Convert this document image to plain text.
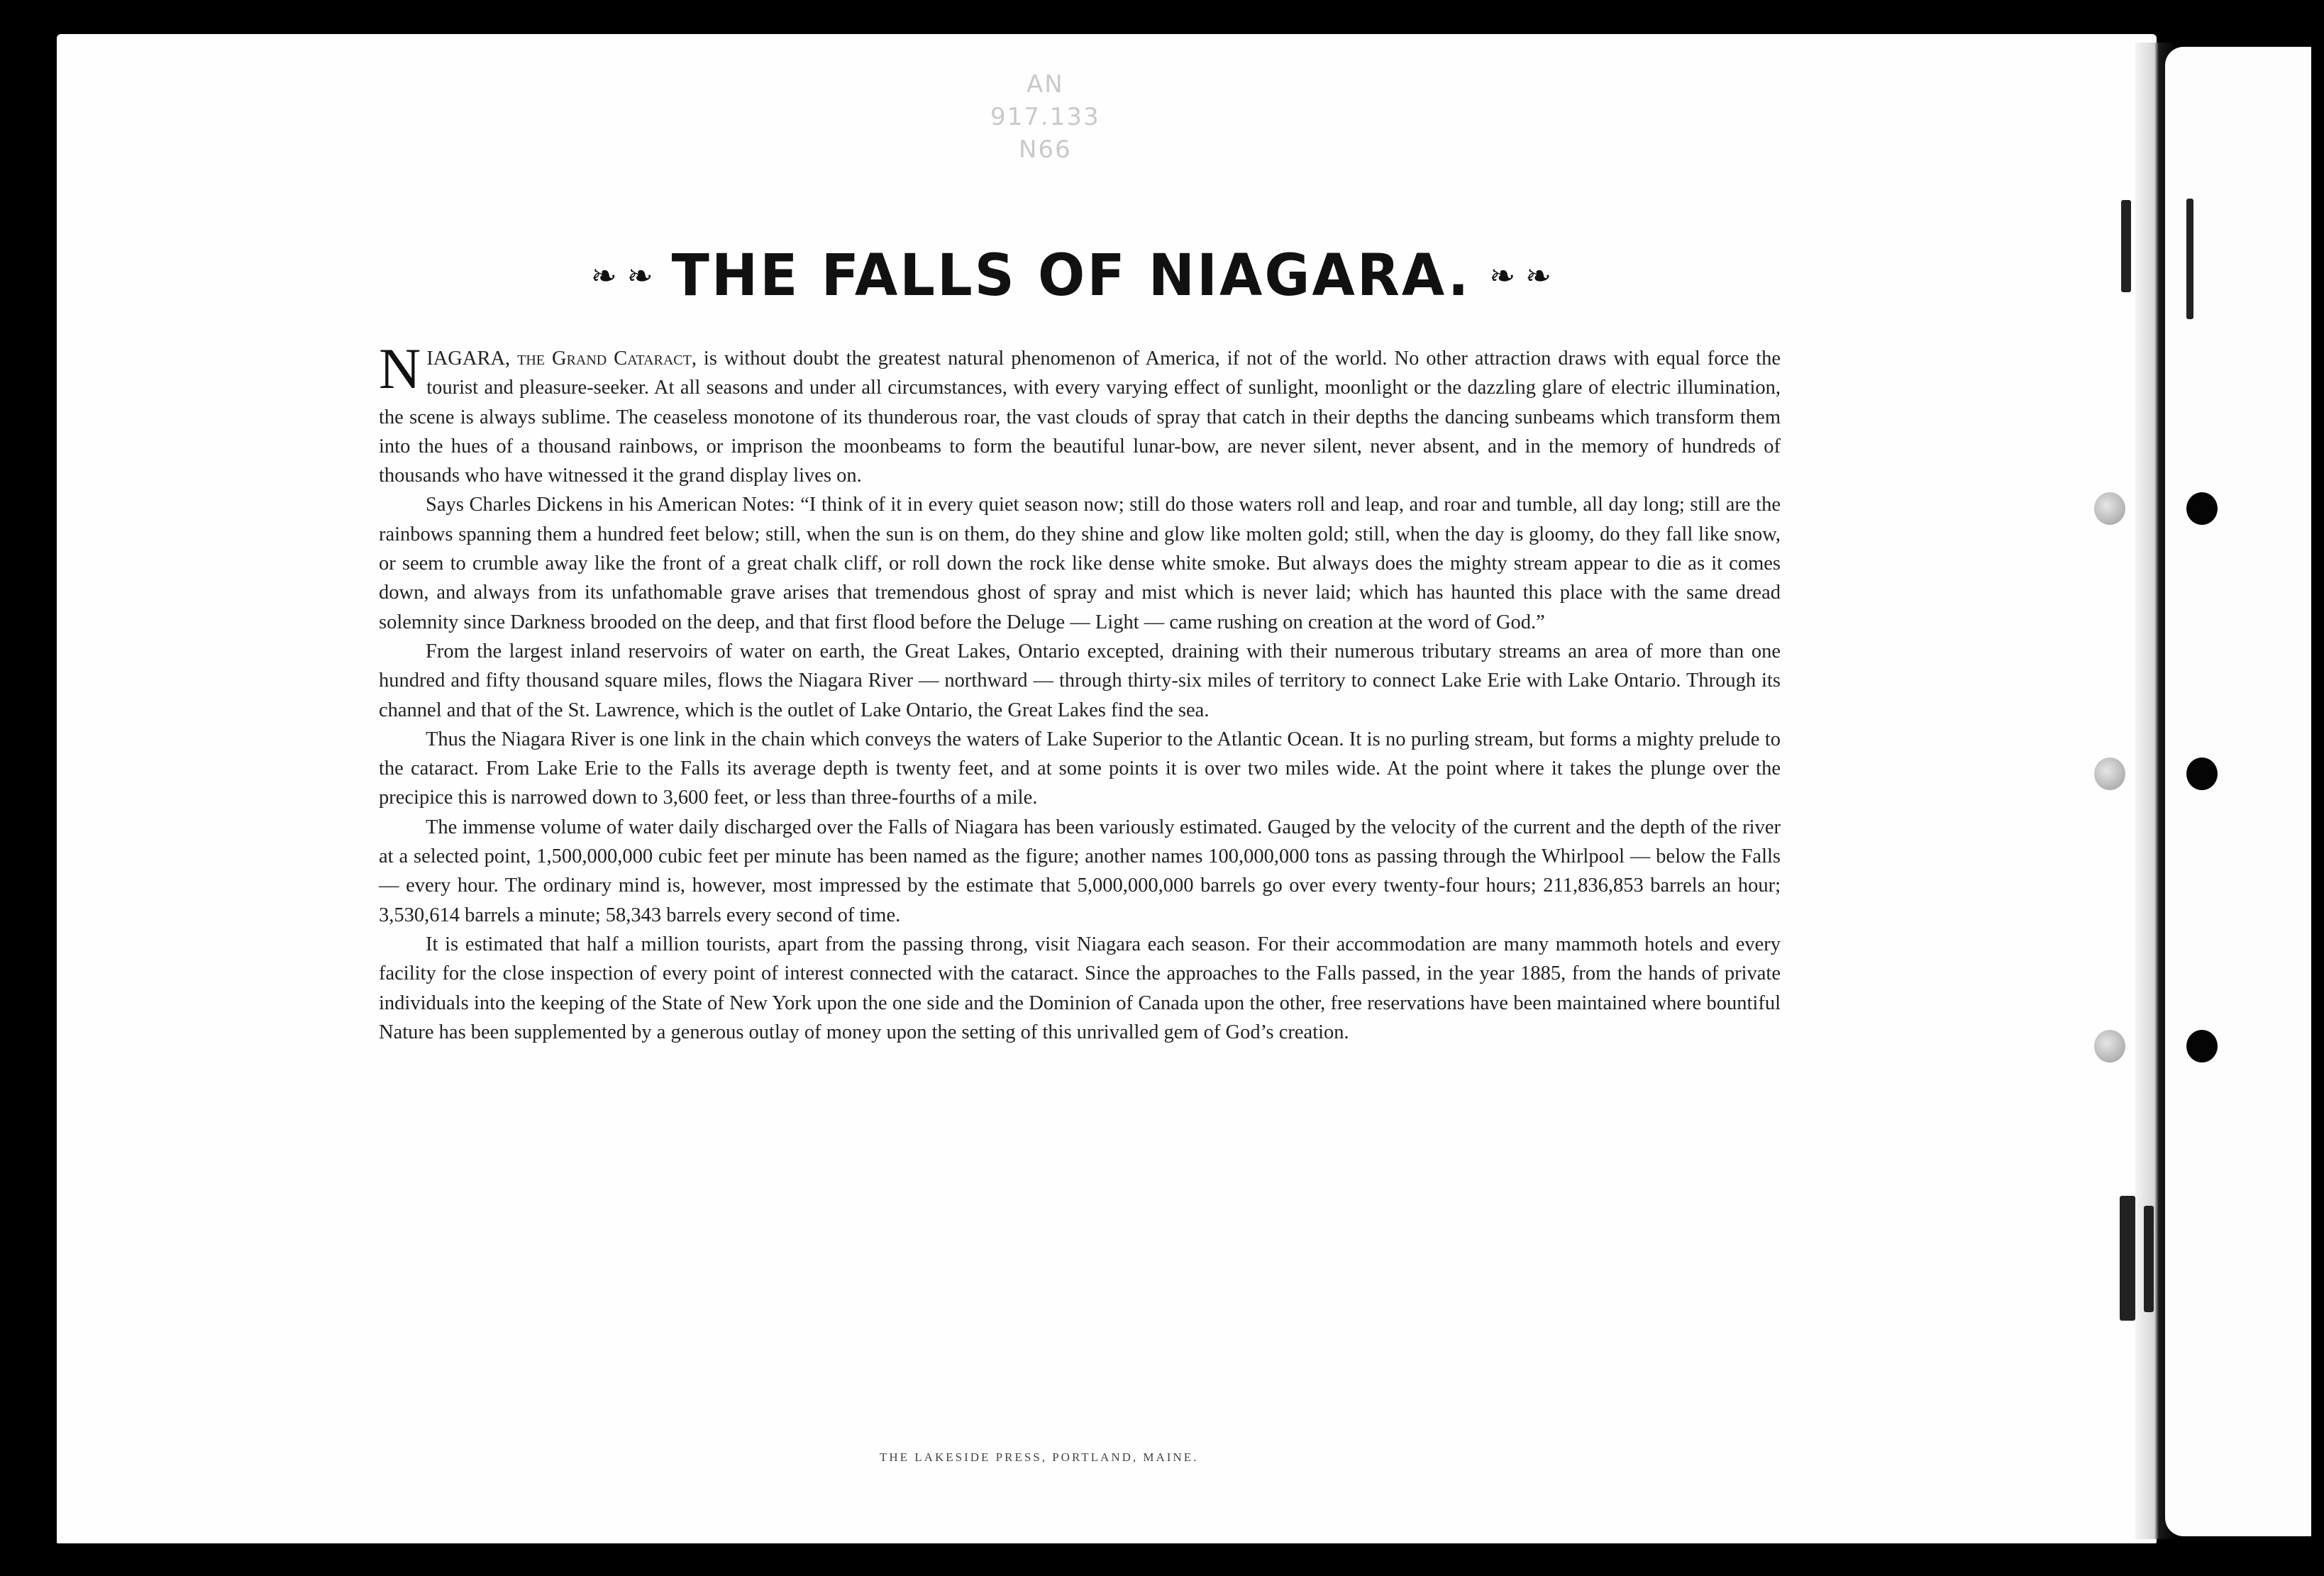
AN
917.133
N66
❧ ❧ THE FALLS OF NIAGARA. ❧ ❧

NIAGARA, the Grand Cataract, is without doubt the greatest natural phenomenon of America, if not of the world. No other attraction draws with equal force the tourist and pleasure-seeker. At all seasons and under all circumstances, with every varying effect of sunlight, moonlight or the dazzling glare of electric illumination, the scene is always sublime. The ceaseless monotone of its thunderous roar, the vast clouds of spray that catch in their depths the dancing sunbeams which transform them into the hues of a thousand rainbows, or imprison the moonbeams to form the beautiful lunar-bow, are never silent, never absent, and in the memory of hundreds of thousands who have witnessed it the grand display lives on.

Says Charles Dickens in his American Notes: “I think of it in every quiet season now; still do those waters roll and leap, and roar and tumble, all day long; still are the rainbows spanning them a hundred feet below; still, when the sun is on them, do they shine and glow like molten gold; still, when the day is gloomy, do they fall like snow, or seem to crumble away like the front of a great chalk cliff, or roll down the rock like dense white smoke. But always does the mighty stream appear to die as it comes down, and always from its unfathomable grave arises that tremendous ghost of spray and mist which is never laid; which has haunted this place with the same dread solemnity since Darkness brooded on the deep, and that first flood before the Deluge — Light — came rushing on creation at the word of God.”

From the largest inland reservoirs of water on earth, the Great Lakes, Ontario excepted, draining with their numerous tributary streams an area of more than one hundred and fifty thousand square miles, flows the Niagara River — northward — through thirty-six miles of territory to connect Lake Erie with Lake Ontario. Through its channel and that of the St. Lawrence, which is the outlet of Lake Ontario, the Great Lakes find the sea.

Thus the Niagara River is one link in the chain which conveys the waters of Lake Superior to the Atlantic Ocean. It is no purling stream, but forms a mighty prelude to the cataract. From Lake Erie to the Falls its average depth is twenty feet, and at some points it is over two miles wide. At the point where it takes the plunge over the precipice this is narrowed down to 3,600 feet, or less than three-fourths of a mile.

The immense volume of water daily discharged over the Falls of Niagara has been variously estimated. Gauged by the velocity of the current and the depth of the river at a selected point, 1,500,000,000 cubic feet per minute has been named as the figure; another names 100,000,000 tons as passing through the Whirlpool — below the Falls — every hour. The ordinary mind is, however, most impressed by the estimate that 5,000,000,000 barrels go over every twenty-four hours; 211,836,853 barrels an hour; 3,530,614 barrels a minute; 58,343 barrels every second of time.

It is estimated that half a million tourists, apart from the passing throng, visit Niagara each season. For their accommodation are many mammoth hotels and every facility for the close inspection of every point of interest connected with the cataract. Since the approaches to the Falls passed, in the year 1885, from the hands of private individuals into the keeping of the State of New York upon the one side and the Dominion of Canada upon the other, free reservations have been maintained where bountiful Nature has been supplemented by a generous outlay of money upon the setting of this unrivalled gem of God’s creation.

THE LAKESIDE PRESS, PORTLAND, MAINE.
